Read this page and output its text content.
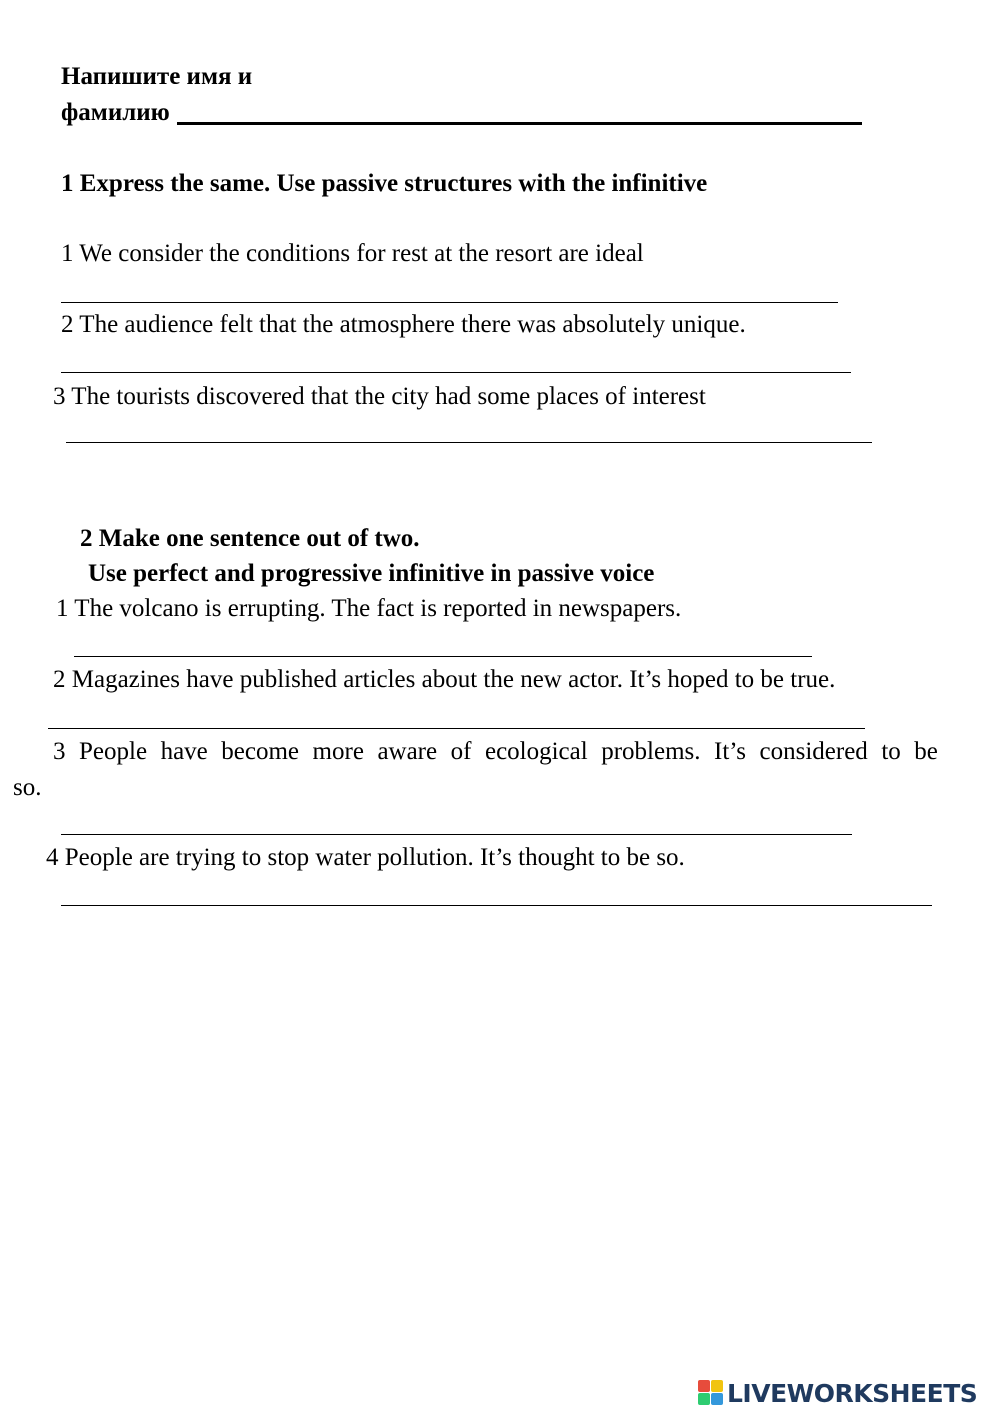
Напишите имя и
фамилию
1 Express the same. Use passive structures with the infinitive
1 We consider the conditions for rest at the resort are ideal
2 The audience felt that the atmosphere there was absolutely unique.
3 The tourists discovered that the city had some places of interest
2 Make one sentence out of two.
Use perfect and progressive infinitive in passive voice
1 The volcano is errupting. The fact is reported in newspapers.
2 Magazines have published articles about the new actor. It’s hoped to be true.
3 People have become more aware of ecological problems. It’s considered to be
so.
4 People are trying to stop water pollution. It’s thought to be so.
LIVEWORKSHEETS
